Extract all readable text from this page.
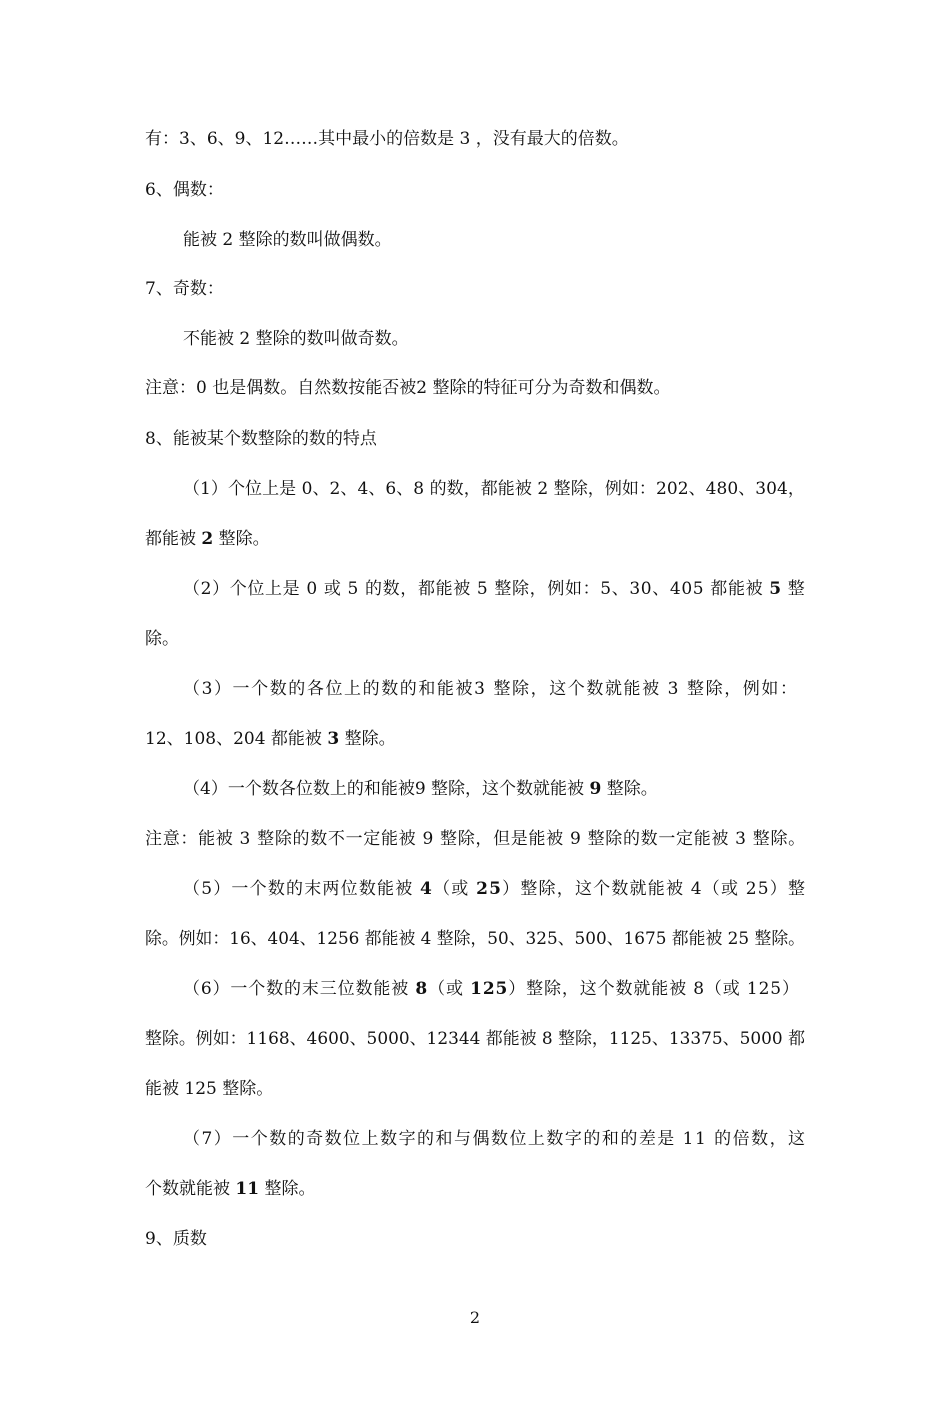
有：3、6、9、12……其中最小的倍数是 3 ，没有最大的倍数。
6、偶数：
能被 2 整除的数叫做偶数。
7、奇数：
不能被 2 整除的数叫做奇数。
注意：0 也是偶数。自然数按能否被2 整除的特征可分为奇数和偶数。
8、能被某个数整除的数的特点
（1）个位上是 0、2、4、6、8 的数，都能被 2 整除，例如：202、480、304，
都能被 2 整除。
（2）个位上是 0 或 5 的数，都能被 5 整除，例如：5、30、405 都能被 5 整
除。
（3）一个数的各位上的数的和能被3 整除，这个数就能被 3 整除，例如：
12、108、204 都能被 3 整除。
（4）一个数各位数上的和能被9 整除，这个数就能被 9 整除。
注意：能被 3 整除的数不一定能被 9 整除，但是能被 9 整除的数一定能被 3 整除。
（5）一个数的末两位数能被 4（或 25）整除，这个数就能被 4（或 25）整
除。例如：16、404、1256 都能被 4 整除，50、325、500、1675 都能被 25 整除。
（6）一个数的末三位数能被 8（或 125）整除，这个数就能被 8（或 125）
整除。例如：1168、4600、5000、12344 都能被 8 整除，1125、13375、5000 都
能被 125 整除。
（7）一个数的奇数位上数字的和与偶数位上数字的和的差是 11 的倍数，这
个数就能被 11 整除。
9、质数
2
